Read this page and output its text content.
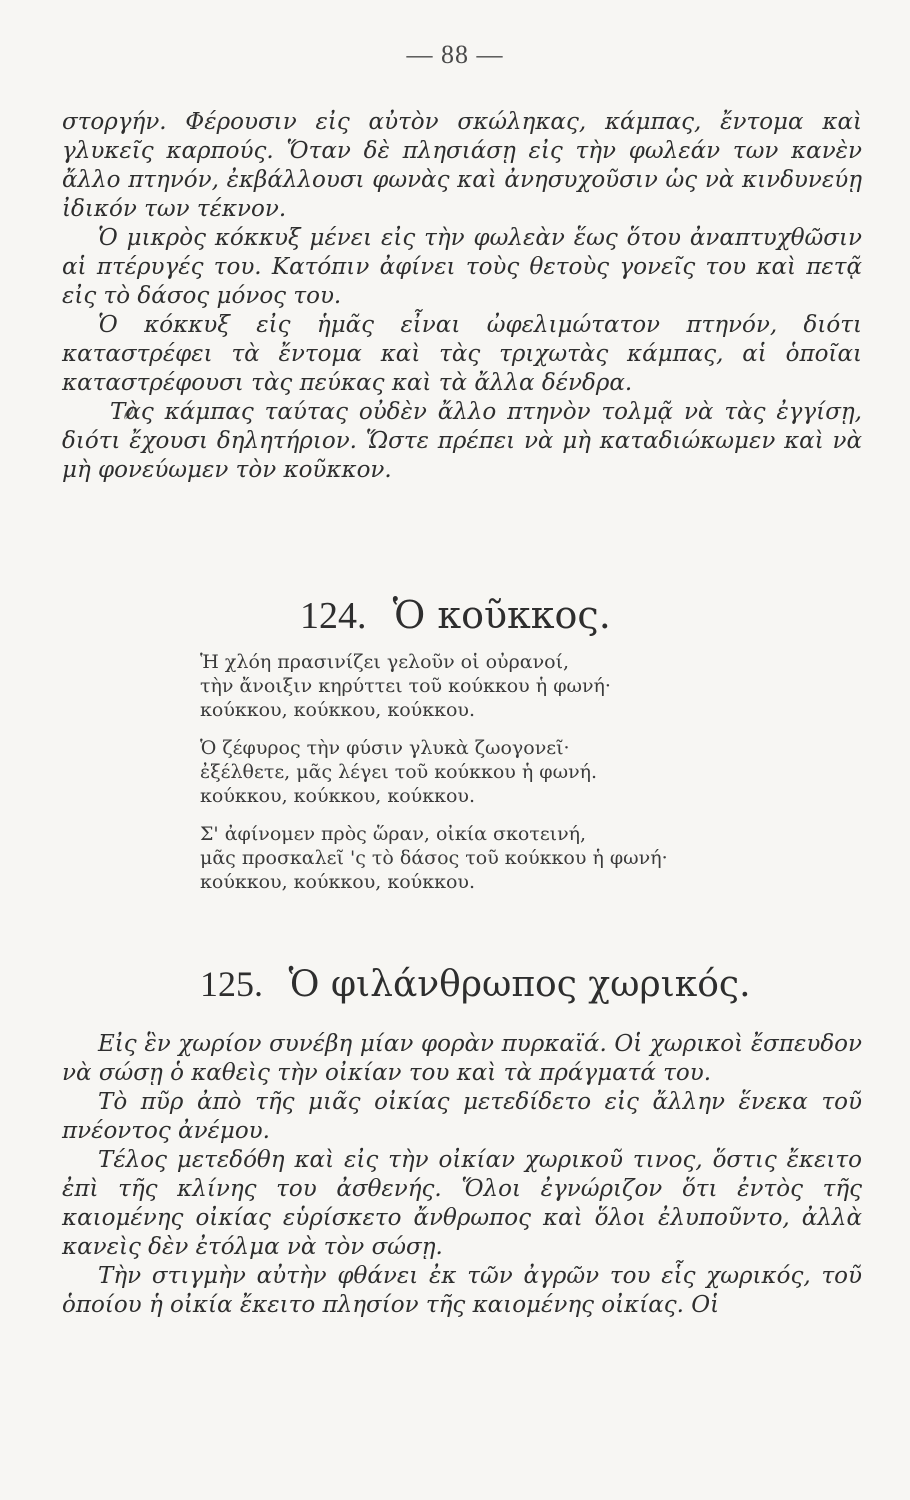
— 88 —

στοργήν. Φέρουσιν εἰς αὐτὸν σκώληκας, κάμπας, ἔντομα καὶ γλυκεῖς καρπούς. Ὅταν δὲ πλησιάσῃ εἰς τὴν φωλεάν των κανὲν ἄλλο πτηνόν, ἐκβάλλουσι φωνὰς καὶ ἀνησυχοῦσιν ὡς νὰ κινδυνεύῃ ἰδικόν των τέκνον.

Ὁ μικρὸς κόκκυξ μένει εἰς τὴν φωλεὰν ἕως ὅτου ἀναπτυχθῶσιν αἱ πτέρυγές του. Κατόπιν ἀφίνει τοὺς θετοὺς γονεῖς του καὶ πετᾷ εἰς τὸ δάσος μόνος του.

Ὁ κόκκυξ εἰς ἡμᾶς εἶναι ὠφελιμώτατον πτηνόν, διότι καταστρέφει τὰ ἔντομα καὶ τὰς τριχωτὰς κάμπας, αἱ ὁποῖαι καταστρέφουσι τὰς πεύκας καὶ τὰ ἄλλα δένδρα.

Τὰς κάμπας ταύτας οὐδὲν ἄλλο πτηνὸν τολμᾷ νὰ τὰς ἐγγίσῃ, διότι ἔχουσι δηλητήριον. Ὥστε πρέπει νὰ μὴ καταδιώκωμεν καὶ νὰ μὴ φονεύωμεν τὸν κοῦκκον.

124. Ὁ κοῦκκος.
Ἡ χλόη πρασινίζει γελοῦν οἱ οὐρανοί,
τὴν ἄνοιξιν κηρύττει τοῦ κούκκου ἡ φωνή·
κούκκου, κούκκου, κούκκου.
Ὁ ζέφυρος τὴν φύσιν γλυκὰ ζωογονεῖ·
ἐξέλθετε, μᾶς λέγει τοῦ κούκκου ἡ φωνή.
κούκκου, κούκκου, κούκκου.
Σ' ἀφίνομεν πρὸς ὥραν, οἰκία σκοτεινή,
μᾶς προσκαλεῖ 'ς τὸ δάσος τοῦ κούκκου ἡ φωνή·
κούκκου, κούκκου, κούκκου.
125. Ὁ φιλάνθρωπος χωρικός.

Εἰς ἓν χωρίον συνέβη μίαν φορὰν πυρκαϊά. Οἱ χωρικοὶ ἔσπευδον νὰ σώσῃ ὁ καθεὶς τὴν οἰκίαν του καὶ τὰ πράγματά του.

Τὸ πῦρ ἀπὸ τῆς μιᾶς οἰκίας μετεδίδετο εἰς ἄλλην ἕνεκα τοῦ πνέοντος ἀνέμου.

Τέλος μετεδόθη καὶ εἰς τὴν οἰκίαν χωρικοῦ τινος, ὅστις ἔκειτο ἐπὶ τῆς κλίνης του ἀσθενής. Ὅλοι ἐγνώριζον ὅτι ἐντὸς τῆς καιομένης οἰκίας εὑρίσκετο ἄνθρωπος καὶ ὅλοι ἐλυποῦντο, ἀλλὰ κανεὶς δὲν ἐτόλμα νὰ τὸν σώσῃ.

Τὴν στιγμὴν αὐτὴν φθάνει ἐκ τῶν ἀγρῶν του εἷς χωρικός, τοῦ ὁποίου ἡ οἰκία ἔκειτο πλησίον τῆς καιομένης οἰκίας. Οἱ
